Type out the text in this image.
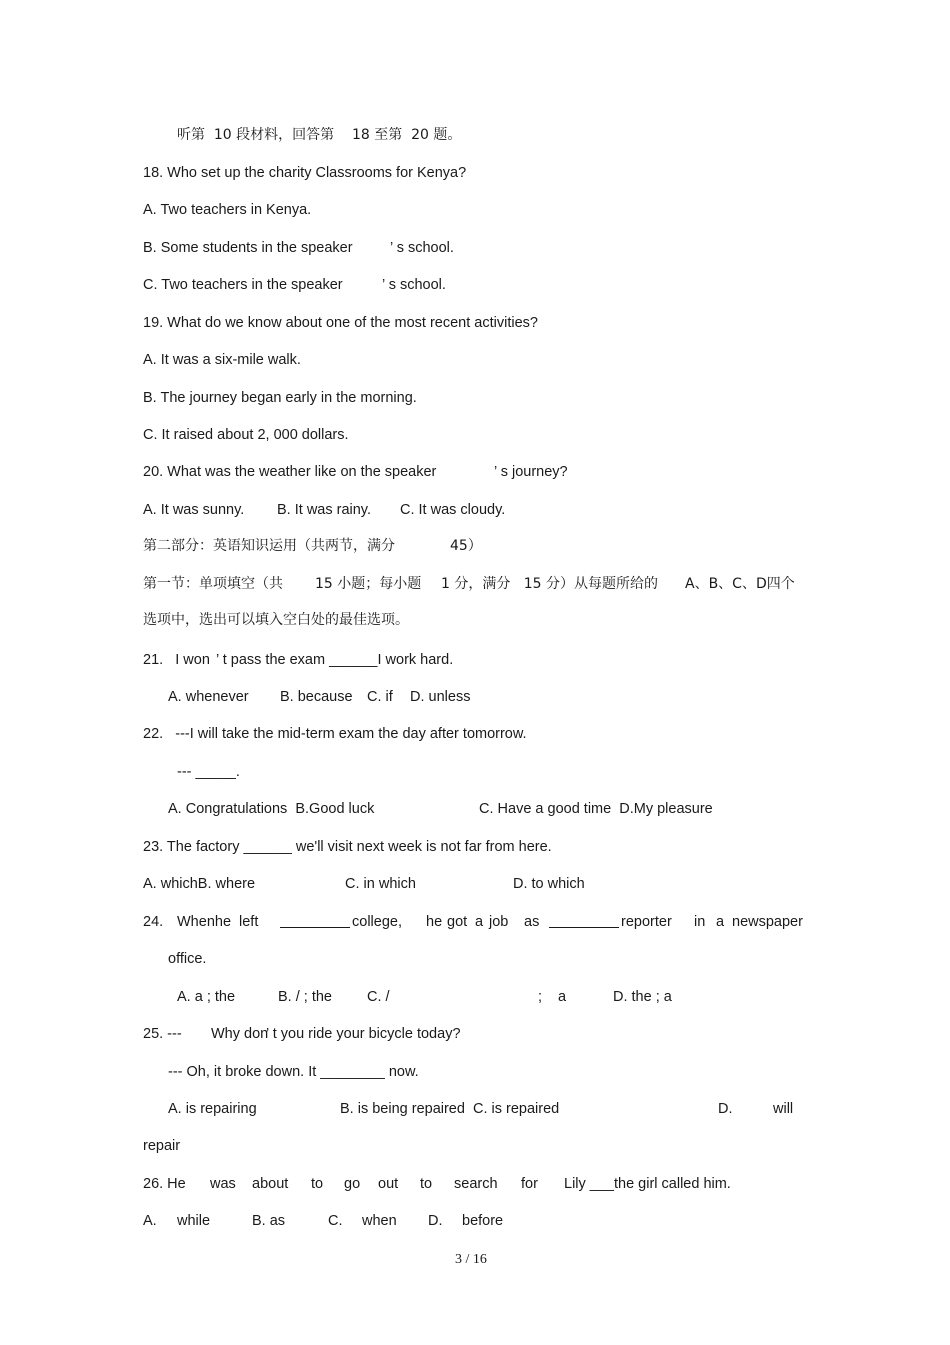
听第  10 段材料，回答第    18 至第  20 题。
18. Who set up the charity Classrooms for Kenya?
A. Two teachers in Kenya.
B. Some students in the speaker	’ s school.
C. Two teachers in the speaker	’ s school.
19. What do we know about one of the most recent activities?
A. It was a six-mile walk.
B. The journey began early in the morning.
C. It raised about 2, 000 dollars.
20. What was the weather like on the speaker	’ s journey?
A. It was sunny. B. It was rainy. C. It was cloudy.
第二部分：英语知识运用（共两节，满分	45）
第一节：单项填空（共 15 小题；每小题 1 分，满分   15 分）从每题所给的 A、B、C、D四个
选项中，选出可以填入空白处的最佳选项。
21.   I won ’ t pass the exam ______I work hard.
A. whenever B. because C. if D. unless
22.   ---I will take the mid-term exam the day after tomorrow.
--- _____.
A. Congratulations  B.Good luck	C. Have a good time  D.My pleasure
23. The factory ______ we'll visit next week is not far from here.
A. whichB. where	C. in which	D. to which
24. Whenhe left	college, he got a job as	reporter in a newspaper
office.
A. a ; the	B. / ; the C. /	; a	D. the ; a
25. --- Why don
’ t you ride your bicycle today?
--- Oh, it broke down. It ________ now.
A. is repairing	B. is being repaired  C. is repaired	D.	will
repair
26. He was about to go out to search for Lily ___the girl called him.
A. while	B. as	C. when D. before
3 / 16
